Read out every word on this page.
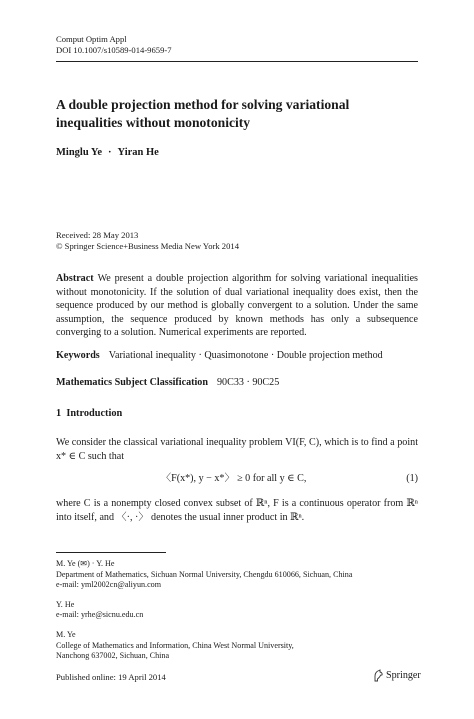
Comput Optim Appl
DOI 10.1007/s10589-014-9659-7
A double projection method for solving variational inequalities without monotonicity
Minglu Ye · Yiran He
Received: 28 May 2013
© Springer Science+Business Media New York 2014
Abstract We present a double projection algorithm for solving variational inequalities without monotonicity. If the solution of dual variational inequality does exist, then the sequence produced by our method is globally convergent to a solution. Under the same assumption, the sequence produced by known methods has only a subsequence converging to a solution. Numerical experiments are reported.
Keywords Variational inequality · Quasimonotone · Double projection method
Mathematics Subject Classification 90C33 · 90C25
1 Introduction
We consider the classical variational inequality problem VI(F, C), which is to find a point x* ∈ C such that
〈F(x*), y − x*〉 ≥ 0 for all y ∈ C,	(1)
where C is a nonempty closed convex subset of ℝⁿ, F is a continuous operator from ℝⁿ into itself, and 〈·, ·〉 denotes the usual inner product in ℝⁿ.
M. Ye (✉) · Y. He
Department of Mathematics, Sichuan Normal University, Chengdu 610066, Sichuan, China
e-mail: yml2002cn@aliyun.com
Y. He
e-mail: yrhe@sicnu.edu.cn
M. Ye
College of Mathematics and Information, China West Normal University,
Nanchong 637002, Sichuan, China
Published online: 19 April 2014	Springer
